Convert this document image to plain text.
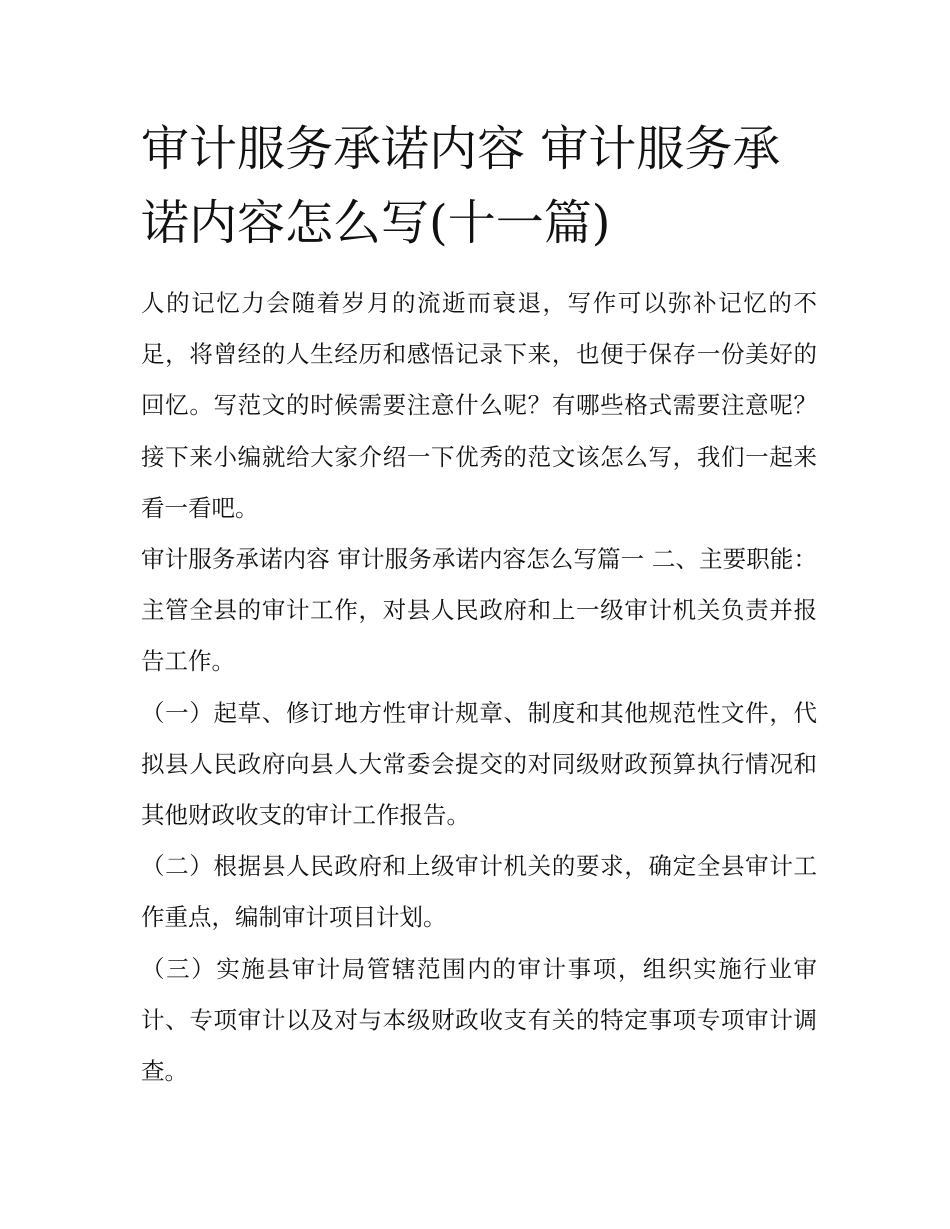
审计服务承诺内容 审计服务承诺内容怎么写(十一篇)

人的记忆力会随着岁月的流逝而衰退，写作可以弥补记忆的不足，将曾经的人生经历和感悟记录下来，也便于保存一份美好的回忆。写范文的时候需要注意什么呢？有哪些格式需要注意呢？接下来小编就给大家介绍一下优秀的范文该怎么写，我们一起来看一看吧。

审计服务承诺内容 审计服务承诺内容怎么写篇一 二、主要职能：主管全县的审计工作，对县人民政府和上一级审计机关负责并报告工作。

（一）起草、修订地方性审计规章、制度和其他规范性文件，代拟县人民政府向县人大常委会提交的对同级财政预算执行情况和其他财政收支的审计工作报告。

（二）根据县人民政府和上级审计机关的要求，确定全县审计工作重点，编制审计项目计划。

（三）实施县审计局管辖范围内的审计事项，组织实施行业审计、专项审计以及对与本级财政收支有关的特定事项专项审计调查。
